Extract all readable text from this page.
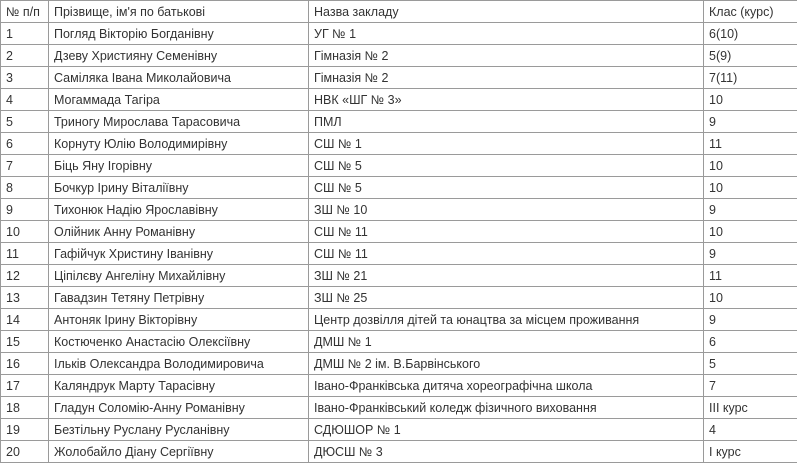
№ п/п	Прізвище, ім'я по батькові	Назва закладу	Клас (курс)
1	Погляд Вікторію Богданівну	УГ № 1	6(10)
2	Дзеву Християну Семенівну	Гімназія № 2	5(9)
3	Саміляка Івана Миколайовича	Гімназія № 2	7(11)
4	Могаммада Тагіра	НВК «ШГ № 3»	10
5	Триногу Мирослава Тарасовича	ПМЛ	9
6	Корнуту Юлію Володимирівну	СШ № 1	11
7	Біць Яну Ігорівну	СШ № 5	10
8	Бочкур Ірину Віталіївну	СШ № 5	10
9	Тихонюк Надію Ярославівну	ЗШ № 10	9
10	Олійник Анну Романівну	СШ № 11	10
11	Гафійчук Христину Іванівну	СШ № 11	9
12	Ціпілєву Ангеліну Михайлівну	ЗШ № 21	11
13	Гавадзин Тетяну Петрівну	ЗШ № 25	10
14	Антоняк Ірину Вікторівну	Центр дозвілля дітей та юнацтва за місцем проживання	9
15	Костюченко Анастасію Олексіївну	ДМШ № 1	6
16	Ільків Олександра Володимировича	ДМШ № 2 ім. В.Барвінського	5
17	Каляндрук Марту Тарасівну	Івано-Франківська дитяча хореографічна школа	7
18	Гладун Соломію-Анну Романівну	Івано-Франківський коледж фізичного виховання	ІІІ курс
19	Безтільну Руслану Русланівну	СДЮШОР № 1	4
20	Жолобайло Діану Сергіївну	ДЮСШ № 3	І курс
